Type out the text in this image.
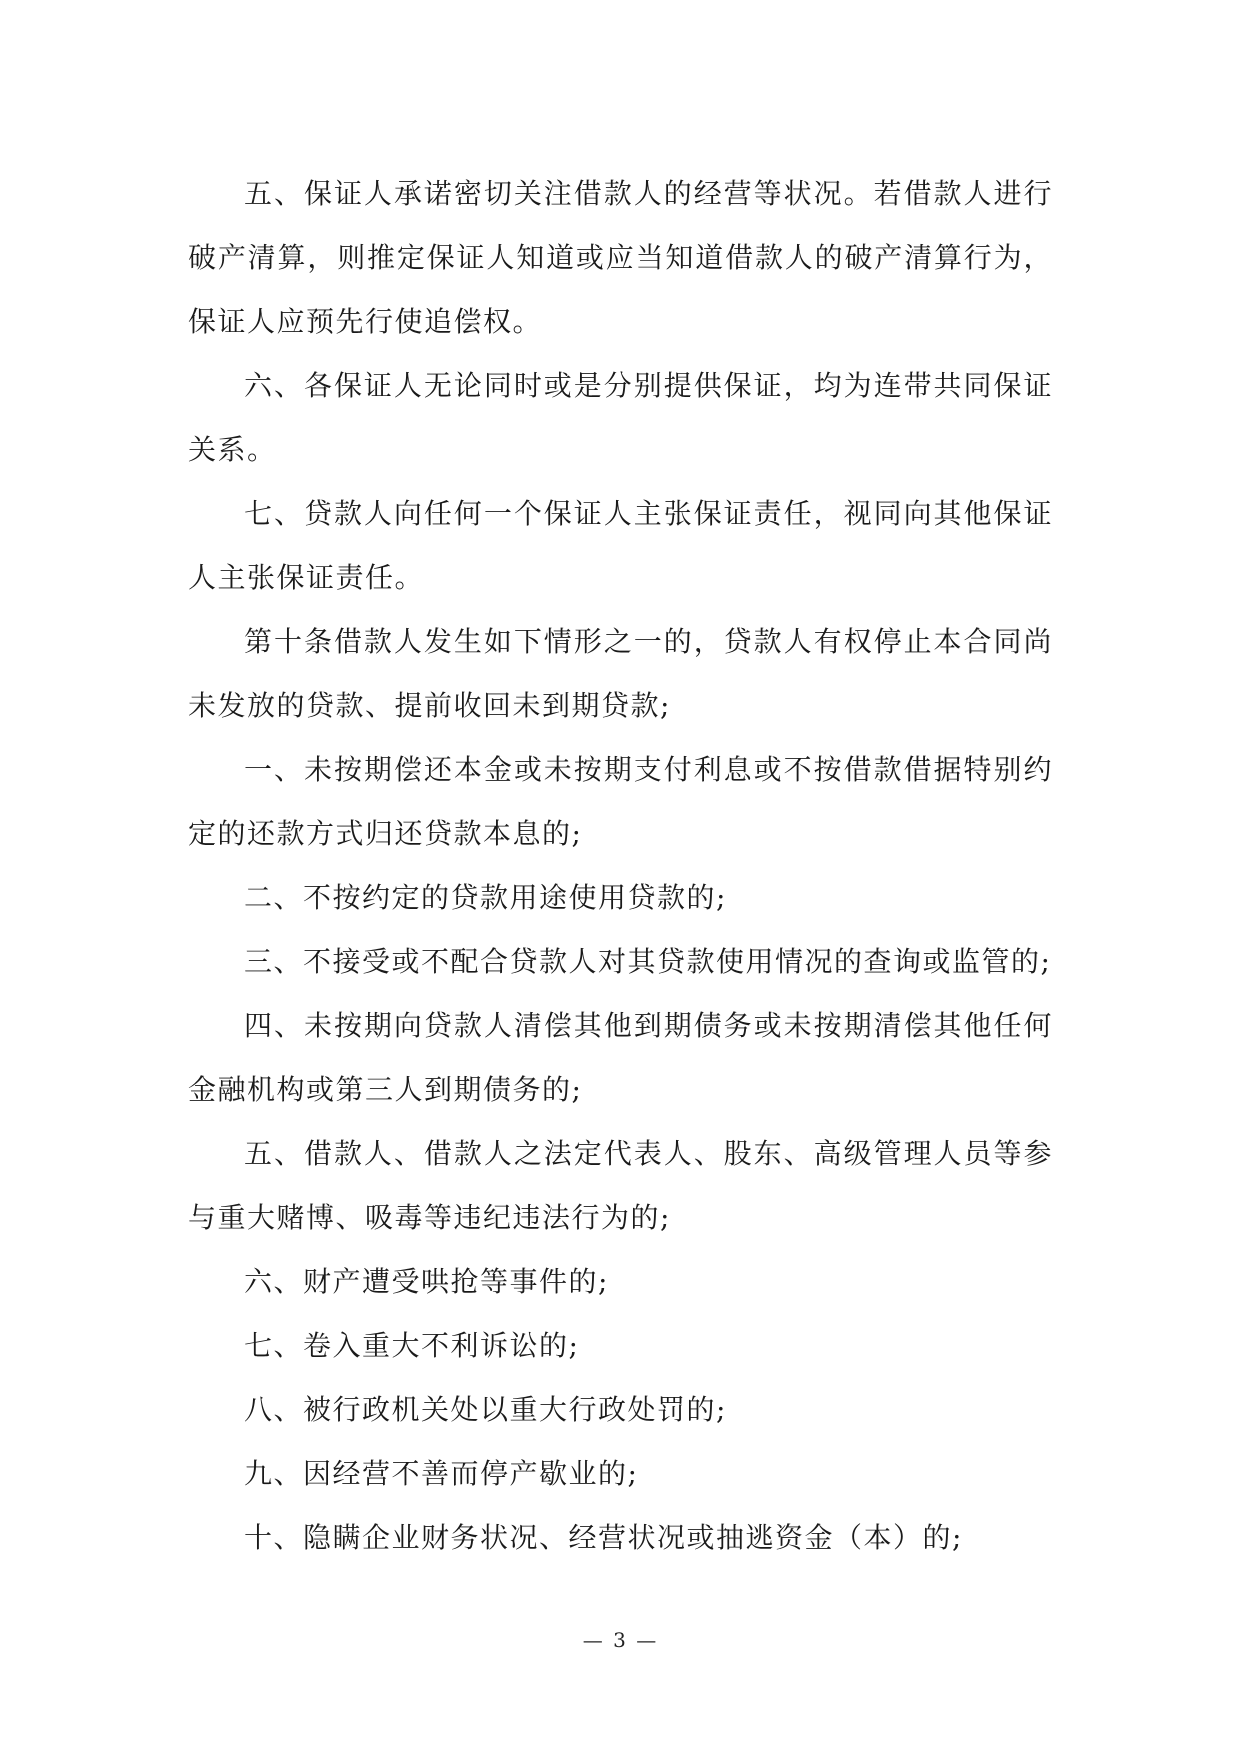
五、保证人承诺密切关注借款人的经营等状况。若借款人进行破产清算，则推定保证人知道或应当知道借款人的破产清算行为，保证人应预先行使追偿权。

六、各保证人无论同时或是分别提供保证，均为连带共同保证关系。

七、贷款人向任何一个保证人主张保证责任，视同向其他保证人主张保证责任。

第十条借款人发生如下情形之一的，贷款人有权停止本合同尚未发放的贷款、提前收回未到期贷款;

一、未按期偿还本金或未按期支付利息或不按借款借据特别约定的还款方式归还贷款本息的;

二、不按约定的贷款用途使用贷款的;

三、不接受或不配合贷款人对其贷款使用情况的查询或监管的;

四、未按期向贷款人清偿其他到期债务或未按期清偿其他任何金融机构或第三人到期债务的;

五、借款人、借款人之法定代表人、股东、高级管理人员等参与重大赌博、吸毒等违纪违法行为的;

六、财产遭受哄抢等事件的;

七、卷入重大不利诉讼的;

八、被行政机关处以重大行政处罚的;

九、因经营不善而停产歇业的;

十、隐瞒企业财务状况、经营状况或抽逃资金（本）的;

— 3 —
